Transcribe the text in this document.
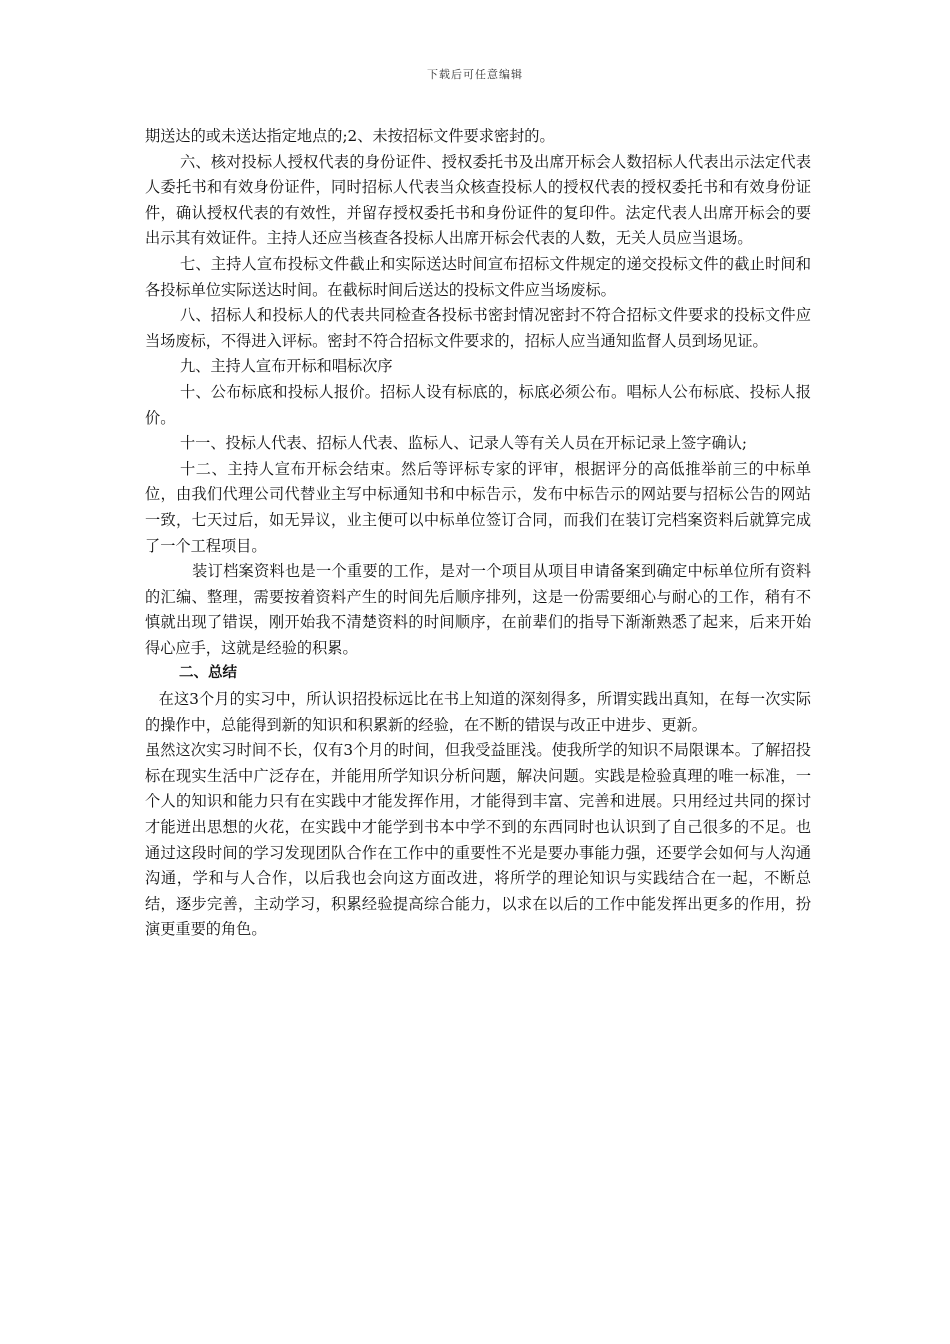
下载后可任意编辑

期送达的或未送达指定地点的;2、未按招标文件要求密封的。

六、核对投标人授权代表的身份证件、授权委托书及出席开标会人数招标人代表出示法定代表人委托书和有效身份证件，同时招标人代表当众核查投标人的授权代表的授权委托书和有效身份证件，确认授权代表的有效性，并留存授权委托书和身份证件的复印件。法定代表人出席开标会的要出示其有效证件。主持人还应当核查各投标人出席开标会代表的人数，无关人员应当退场。

七、主持人宣布投标文件截止和实际送达时间宣布招标文件规定的递交投标文件的截止时间和各投标单位实际送达时间。在截标时间后送达的投标文件应当场废标。

八、招标人和投标人的代表共同检查各投标书密封情况密封不符合招标文件要求的投标文件应当场废标，不得进入评标。密封不符合招标文件要求的，招标人应当通知监督人员到场见证。

九、主持人宣布开标和唱标次序

十、公布标底和投标人报价。招标人设有标底的，标底必须公布。唱标人公布标底、投标人报价。

十一、投标人代表、招标人代表、监标人、记录人等有关人员在开标记录上签字确认;

十二、主持人宣布开标会结束。然后等评标专家的评审，根据评分的高低推举前三的中标单位，由我们代理公司代替业主写中标通知书和中标告示，发布中标告示的网站要与招标公告的网站一致，七天过后，如无异议，业主便可以中标单位签订合同，而我们在装订完档案资料后就算完成了一个工程项目。

装订档案资料也是一个重要的工作，是对一个项目从项目申请备案到确定中标单位所有资料的汇编、整理，需要按着资料产生的时间先后顺序排列，这是一份需要细心与耐心的工作，稍有不慎就出现了错误，刚开始我不清楚资料的时间顺序，在前辈们的指导下渐渐熟悉了起来，后来开始得心应手，这就是经验的积累。

二、总结

在这3个月的实习中，所认识招投标远比在书上知道的深刻得多，所谓实践出真知，在每一次实际的操作中，总能得到新的知识和积累新的经验，在不断的错误与改正中进步、更新。

虽然这次实习时间不长，仅有3个月的时间，但我受益匪浅。使我所学的知识不局限课本。了解招投标在现实生活中广泛存在，并能用所学知识分析问题，解决问题。实践是检验真理的唯一标准，一个人的知识和能力只有在实践中才能发挥作用，才能得到丰富、完善和进展。只用经过共同的探讨才能迸出思想的火花，在实践中才能学到书本中学不到的东西同时也认识到了自己很多的不足。也通过这段时间的学习发现团队合作在工作中的重要性不光是要办事能力强，还要学会如何与人沟通沟通，学和与人合作，以后我也会向这方面改进，将所学的理论知识与实践结合在一起，不断总结，逐步完善，主动学习，积累经验提高综合能力，以求在以后的工作中能发挥出更多的作用，扮演更重要的角色。
